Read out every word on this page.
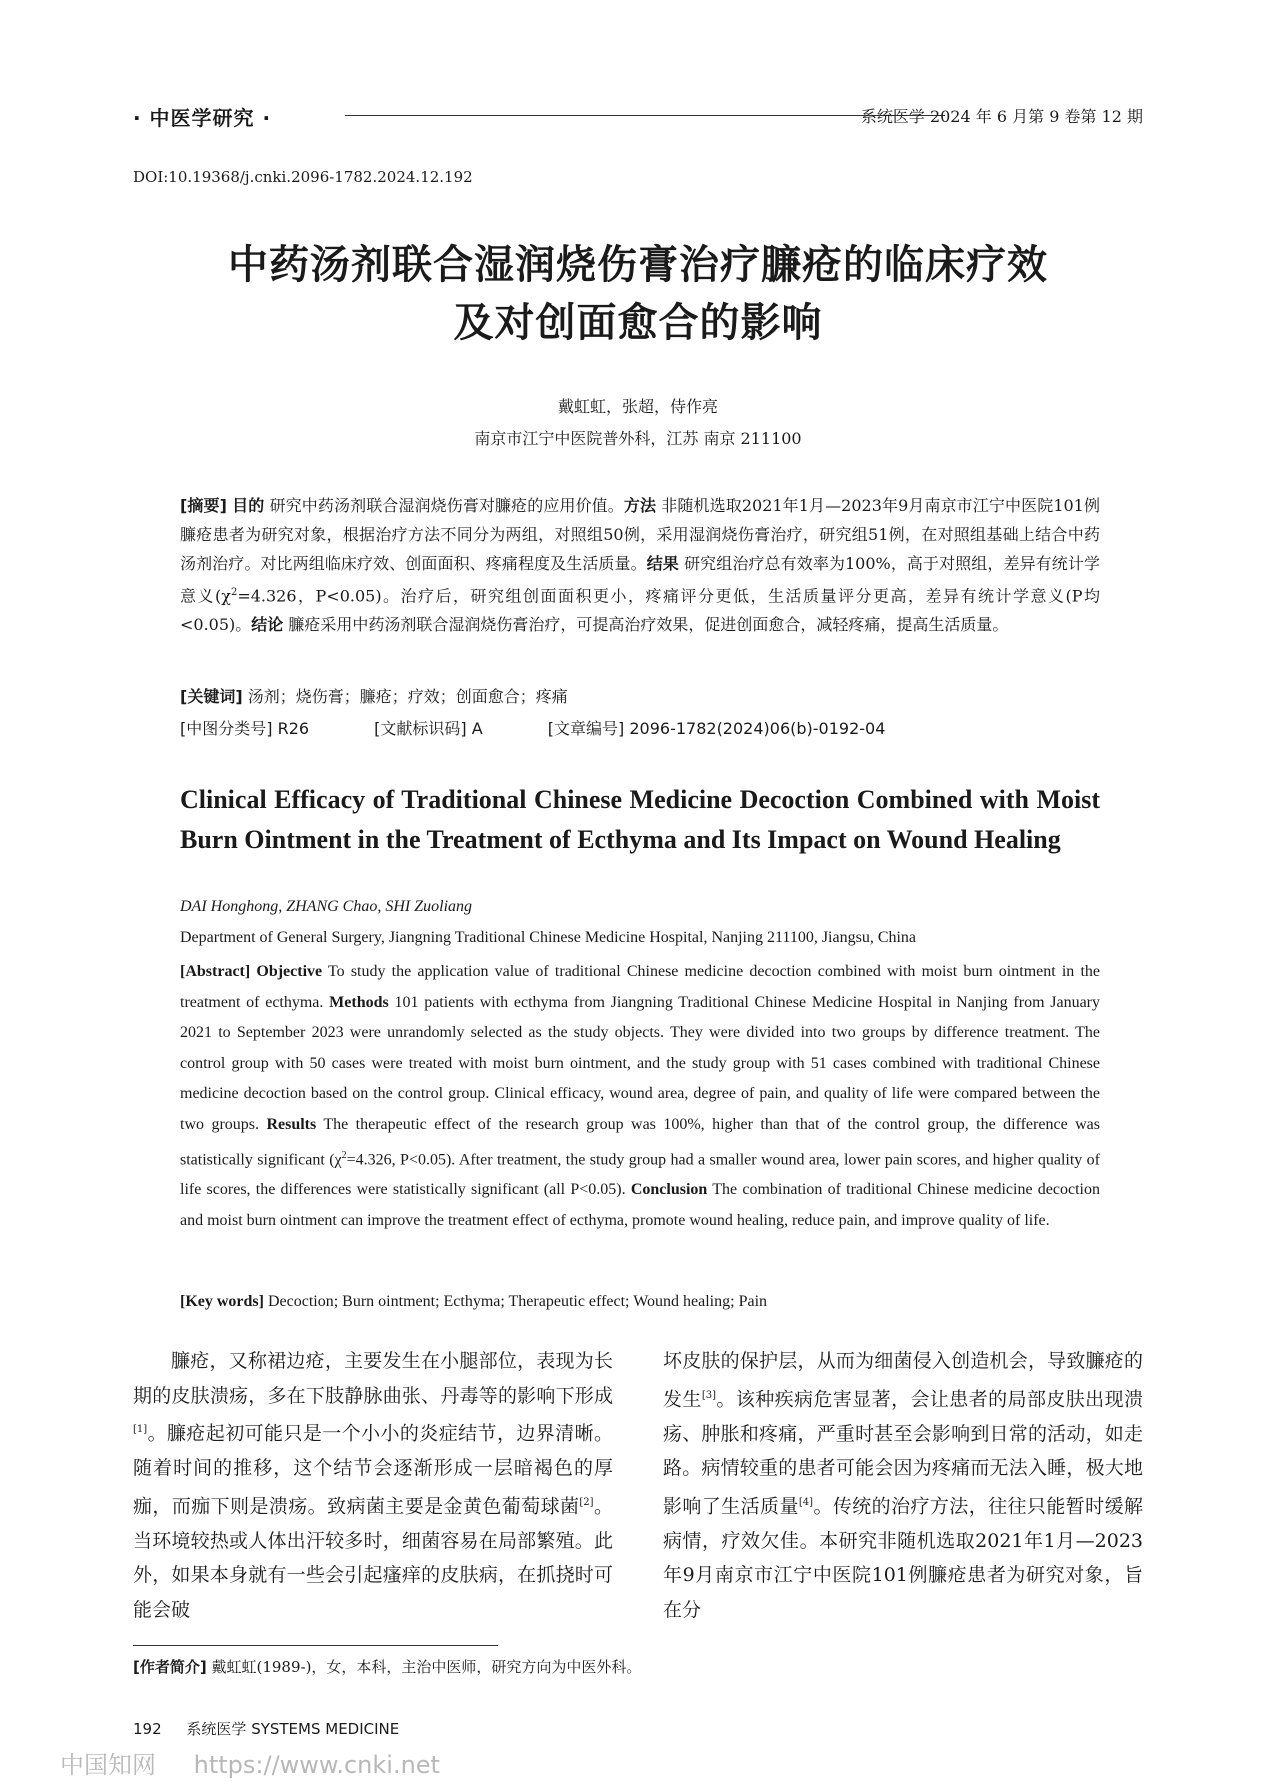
· 中医学研究 ·	系统医学 2024 年 6 月第 9 卷第 12 期
DOI:10.19368/j.cnki.2096-1782.2024.12.192
中药汤剂联合湿润烧伤膏治疗臁疮的临床疗效
及对创面愈合的影响
戴虹虹，张超，侍作亮
南京市江宁中医院普外科，江苏 南京 211100
[摘要] 目的 研究中药汤剂联合湿润烧伤膏对臁疮的应用价值。方法 非随机选取2021年1月—2023年9月南京市江宁中医院101例臁疮患者为研究对象，根据治疗方法不同分为两组，对照组50例，采用湿润烧伤膏治疗，研究组51例，在对照组基础上结合中药汤剂治疗。对比两组临床疗效、创面面积、疼痛程度及生活质量。结果 研究组治疗总有效率为100%，高于对照组，差异有统计学意义($\chi^2=4.326$，P<0.05)。治疗后，研究组创面面积更小，疼痛评分更低，生活质量评分更高，差异有统计学意义(P均<0.05)。结论 臁疮采用中药汤剂联合湿润烧伤膏治疗，可提高治疗效果，促进创面愈合，减轻疼痛，提高生活质量。
[关键词] 汤剂；烧伤膏；臁疮；疗效；创面愈合；疼痛
[中图分类号] R26	[文献标识码] A	[文章编号] 2096-1782(2024)06(b)-0192-04
Clinical Efficacy of Traditional Chinese Medicine Decoction Combined with Moist Burn Ointment in the Treatment of Ecthyma and Its Impact on Wound Healing
DAI Honghong, ZHANG Chao, SHI Zuoliang
Department of General Surgery, Jiangning Traditional Chinese Medicine Hospital, Nanjing 211100, Jiangsu, China
[Abstract] Objective To study the application value of traditional Chinese medicine decoction combined with moist burn ointment in the treatment of ecthyma. Methods 101 patients with ecthyma from Jiangning Traditional Chinese Medicine Hospital in Nanjing from January 2021 to September 2023 were unrandomly selected as the study objects. They were divided into two groups by difference treatment. The control group with 50 cases were treated with moist burn ointment, and the study group with 51 cases combined with traditional Chinese medicine decoction based on the control group. Clinical efficacy, wound area, degree of pain, and quality of life were compared between the two groups. Results The therapeutic effect of the research group was 100%, higher than that of the control group, the difference was statistically significant ($\chi^2=4.326$, P<0.05). After treatment, the study group had a smaller wound area, lower pain scores, and higher quality of life scores, the differences were statistically significant (all P<0.05). Conclusion The combination of traditional Chinese medicine decoction and moist burn ointment can improve the treatment effect of ecthyma, promote wound healing, reduce pain, and improve quality of life.
[Key words] Decoction; Burn ointment; Ecthyma; Therapeutic effect; Wound healing; Pain
臁疮，又称裙边疮，主要发生在小腿部位，表现为长期的皮肤溃疡，多在下肢静脉曲张、丹毒等的影响下形成[1]。臁疮起初可能只是一个小小的炎症结节，边界清晰。随着时间的推移，这个结节会逐渐形成一层暗褐色的厚痂，而痂下则是溃疡。致病菌主要是金黄色葡萄球菌[2]。当环境较热或人体出汗较多时，细菌容易在局部繁殖。此外，如果本身就有一些会引起瘙痒的皮肤病，在抓挠时可能会破
坏皮肤的保护层，从而为细菌侵入创造机会，导致臁疮的发生[3]。该种疾病危害显著，会让患者的局部皮肤出现溃疡、肿胀和疼痛，严重时甚至会影响到日常的活动，如走路。病情较重的患者可能会因为疼痛而无法入睡，极大地影响了生活质量[4]。传统的治疗方法，往往只能暂时缓解病情，疗效欠佳。本研究非随机选取2021年1月—2023年9月南京市江宁中医院101例臁疮患者为研究对象，旨在分
[作者简介] 戴虹虹(1989-)，女，本科，主治中医师，研究方向为中医外科。
192 系统医学 SYSTEMS MEDICINE
中国知网 https://www.cnki.net
